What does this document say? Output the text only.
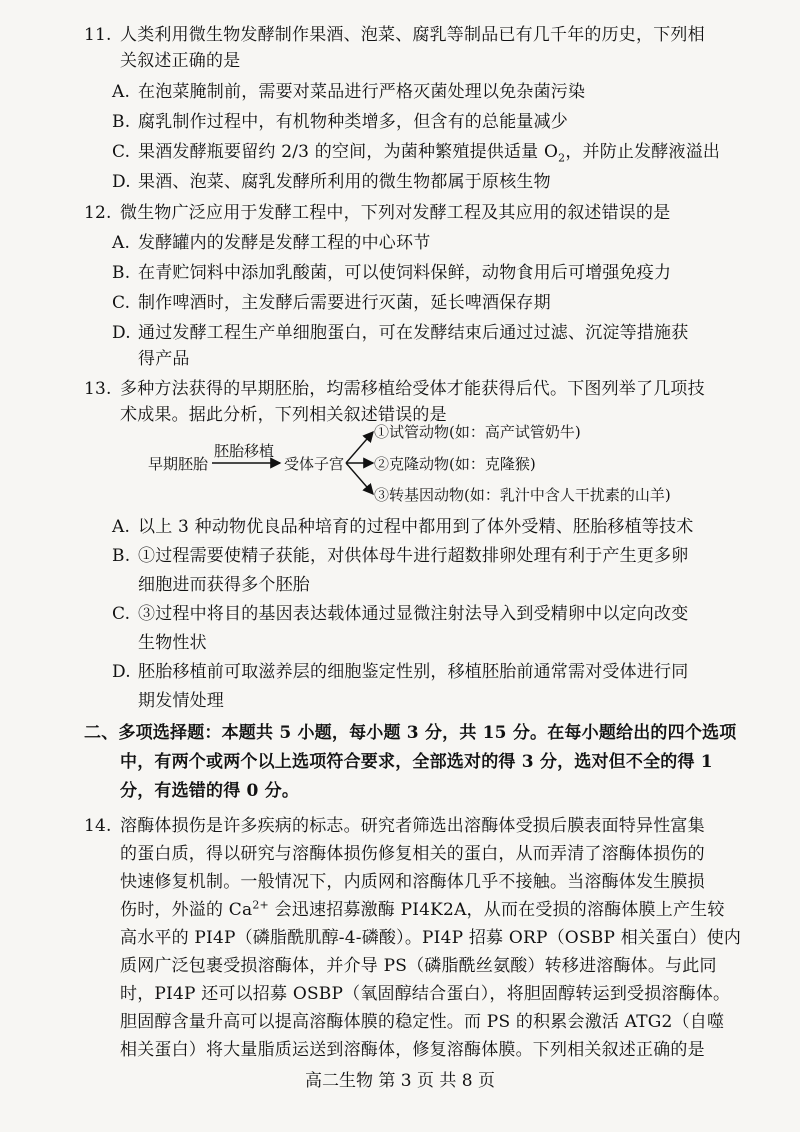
11. 人类利用微生物发酵制作果酒、泡菜、腐乳等制品已有几千年的历史，下列相
关叙述正确的是
A. 在泡菜腌制前，需要对菜品进行严格灭菌处理以免杂菌污染
B. 腐乳制作过程中，有机物种类增多，但含有的总能量减少
C. 果酒发酵瓶要留约 2/3 的空间，为菌种繁殖提供适量 $O_2$，并防止发酵液溢出
D. 果酒、泡菜、腐乳发酵所利用的微生物都属于原核生物
12. 微生物广泛应用于发酵工程中，下列对发酵工程及其应用的叙述错误的是
A. 发酵罐内的发酵是发酵工程的中心环节
B. 在青贮饲料中添加乳酸菌，可以使饲料保鲜，动物食用后可增强免疫力
C. 制作啤酒时，主发酵后需要进行灭菌，延长啤酒保存期
D. 通过发酵工程生产单细胞蛋白，可在发酵结束后通过过滤、沉淀等措施获
得产品
13. 多种方法获得的早期胚胎，均需移植给受体才能获得后代。下图列举了几项技
术成果。据此分析，下列相关叙述错误的是
早期胚胎
胚胎移植
受体子宫
①试管动物(如：高产试管奶牛)
②克隆动物(如：克隆猴)
③转基因动物(如：乳汁中含人干扰素的山羊)
A. 以上 3 种动物优良品种培育的过程中都用到了体外受精、胚胎移植等技术
B. ①过程需要使精子获能，对供体母牛进行超数排卵处理有利于产生更多卵
细胞进而获得多个胚胎
C. ③过程中将目的基因表达载体通过显微注射法导入到受精卵中以定向改变
生物性状
D. 胚胎移植前可取滋养层的细胞鉴定性别，移植胚胎前通常需对受体进行同
期发情处理
二、多项选择题：本题共 5 小题，每小题 3 分，共 15 分。在每小题给出的四个选项
中，有两个或两个以上选项符合要求，全部选对的得 3 分，选对但不全的得 1
分，有选错的得 0 分。
14. 溶酶体损伤是许多疾病的标志。研究者筛选出溶酶体受损后膜表面特异性富集
的蛋白质，得以研究与溶酶体损伤修复相关的蛋白，从而弄清了溶酶体损伤的
快速修复机制。一般情况下，内质网和溶酶体几乎不接触。当溶酶体发生膜损
伤时，外溢的 $Ca^{2+}$ 会迅速招募激酶 PI4K2A，从而在受损的溶酶体膜上产生较
高水平的 PI4P（磷脂酰肌醇-4-磷酸）。PI4P 招募 ORP（OSBP 相关蛋白）使内
质网广泛包裹受损溶酶体，并介导 PS（磷脂酰丝氨酸）转移进溶酶体。与此同
时，PI4P 还可以招募 OSBP（氧固醇结合蛋白），将胆固醇转运到受损溶酶体。
胆固醇含量升高可以提高溶酶体膜的稳定性。而 PS 的积累会激活 ATG2（自噬
相关蛋白）将大量脂质运送到溶酶体，修复溶酶体膜。下列相关叙述正确的是
高二生物 第 3 页 共 8 页
